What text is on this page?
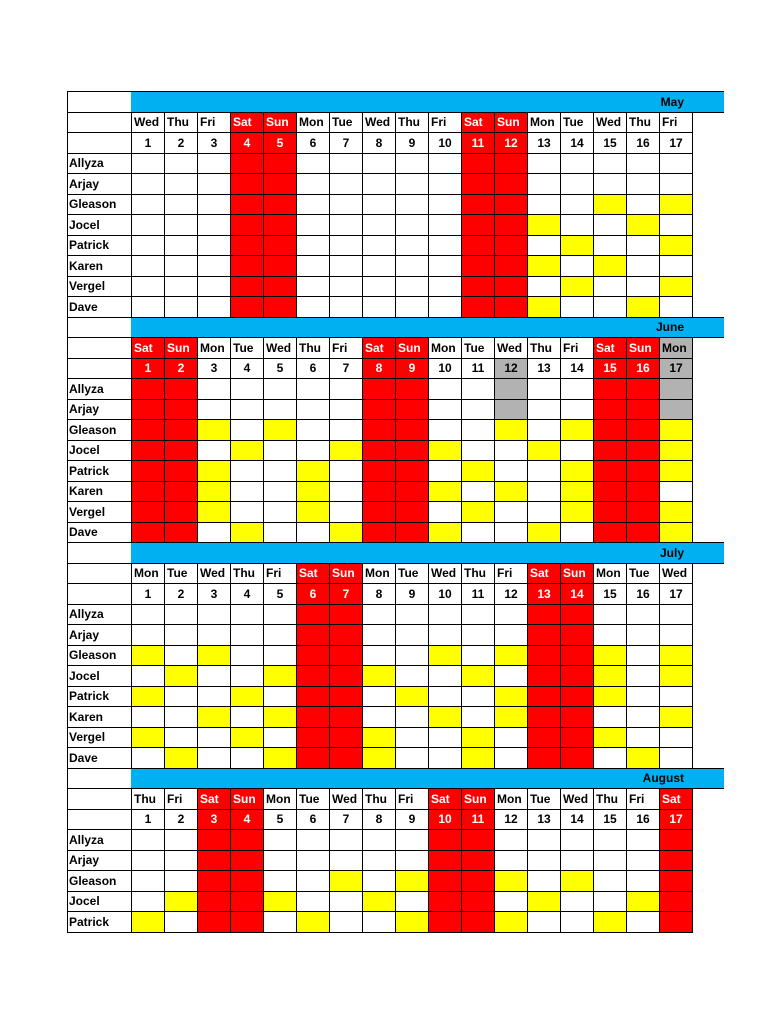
May
Wed Thu Fri	Sat	Sun Mon Tue	Wed Thu Fri	Sat	Sun Mon Tue	Wed Thu Fri
1	2	3	4	5	6	7	8	9	10	11	12	13	14	15	16	17
Allyza
Arjay
Gleason
Jocel
Patrick
Karen
Vergel
Dave
June
Sat	Sun Mon Tue	Wed Thu Fri	Sat	Sun Mon Tue	Wed Thu Fri	Sat	Sun Mon
1	2	3	4	5	6	7	8	9	10	11	12	13	14	15	16	17
Allyza
Arjay
Gleason
Jocel
Patrick
Karen
Vergel
Dave
July
Mon Tue	Wed Thu Fri	Sat	Sun Mon Tue	Wed Thu Fri	Sat	Sun Mon Tue	Wed
1	2	3	4	5	6	7	8	9	10	11	12	13	14	15	16	17
Allyza
Arjay
Gleason
Jocel
Patrick
Karen
Vergel
Dave
August
Thu Fri	Sat	Sun Mon Tue	Wed Thu Fri	Sat	Sun Mon Tue	Wed Thu Fri	Sat
1	2	3	4	5	6	7	8	9	10	11	12	13	14	15	16	17
Allyza
Arjay
Gleason
Jocel
Patrick
